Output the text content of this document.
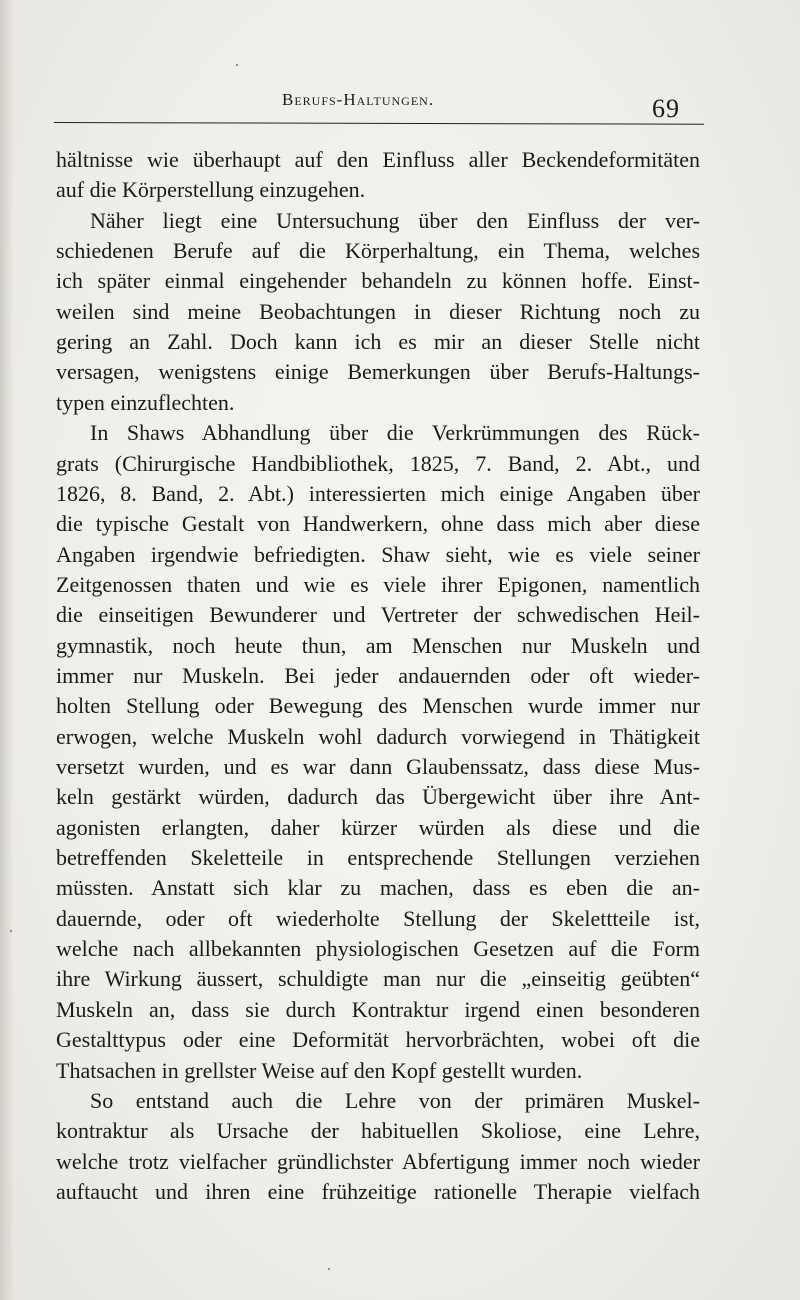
Berufs-Haltungen.	69
hältnisse wie überhaupt auf den Einfluss aller Beckendeformitäten
auf die Körperstellung einzugehen.
Näher liegt eine Untersuchung über den Einfluss der ver-
schiedenen Berufe auf die Körperhaltung, ein Thema, welches
ich später einmal eingehender behandeln zu können hoffe. Einst-
weilen sind meine Beobachtungen in dieser Richtung noch zu
gering an Zahl. Doch kann ich es mir an dieser Stelle nicht
versagen, wenigstens einige Bemerkungen über Berufs-Haltungs-
typen einzuflechten.
In Shaws Abhandlung über die Verkrümmungen des Rück-
grats (Chirurgische Handbibliothek, 1825, 7. Band, 2. Abt., und
1826, 8. Band, 2. Abt.) interessierten mich einige Angaben über
die typische Gestalt von Handwerkern, ohne dass mich aber diese
Angaben irgendwie befriedigten. Shaw sieht, wie es viele seiner
Zeitgenossen thaten und wie es viele ihrer Epigonen, namentlich
die einseitigen Bewunderer und Vertreter der schwedischen Heil-
gymnastik, noch heute thun, am Menschen nur Muskeln und
immer nur Muskeln. Bei jeder andauernden oder oft wieder-
holten Stellung oder Bewegung des Menschen wurde immer nur
erwogen, welche Muskeln wohl dadurch vorwiegend in Thätigkeit
versetzt wurden, und es war dann Glaubenssatz, dass diese Mus-
keln gestärkt würden, dadurch das Übergewicht über ihre Ant-
agonisten erlangten, daher kürzer würden als diese und die
betreffenden Skeletteile in entsprechende Stellungen verziehen
müssten. Anstatt sich klar zu machen, dass es eben die an-
dauernde, oder oft wiederholte Stellung der Skelettteile ist,
welche nach allbekannten physiologischen Gesetzen auf die Form
ihre Wirkung äussert, schuldigte man nur die „einseitig geübten“
Muskeln an, dass sie durch Kontraktur irgend einen besonderen
Gestalttypus oder eine Deformität hervorbrächten, wobei oft die
Thatsachen in grellster Weise auf den Kopf gestellt wurden.
So entstand auch die Lehre von der primären Muskel-
kontraktur als Ursache der habituellen Skoliose, eine Lehre,
welche trotz vielfacher gründlichster Abfertigung immer noch wieder
auftaucht und ihren eine frühzeitige rationelle Therapie vielfach
